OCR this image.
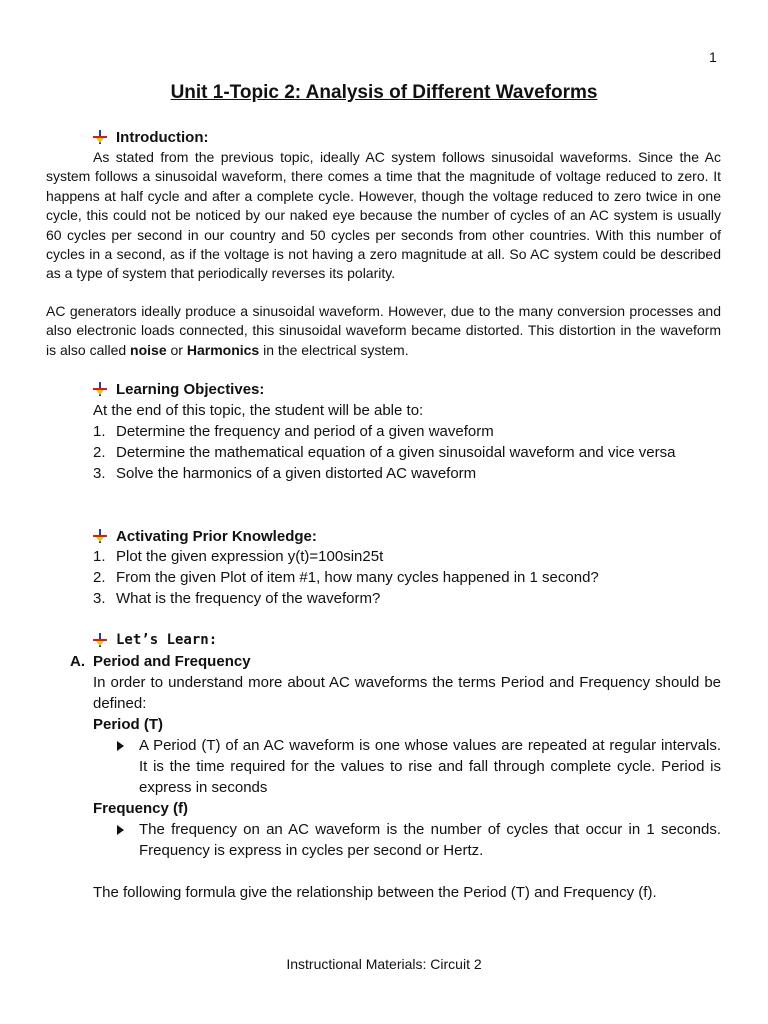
1
Unit 1-Topic 2: Analysis of Different Waveforms
Introduction:
As stated from the previous topic, ideally AC system follows sinusoidal waveforms. Since the Ac system follows a sinusoidal waveform, there comes a time that the magnitude of voltage reduced to zero. It happens at half cycle and after a complete cycle. However, though the voltage reduced to zero twice in one cycle, this could not be noticed by our naked eye because the number of cycles of an AC system is usually 60 cycles per second in our country and 50 cycles per seconds from other countries. With this number of cycles in a second, as if the voltage is not having a zero magnitude at all. So AC system could be described as a type of system that periodically reverses its polarity.
AC generators ideally produce a sinusoidal waveform. However, due to the many conversion processes and also electronic loads connected, this sinusoidal waveform became distorted. This distortion in the waveform is also called noise or Harmonics in the electrical system.
Learning Objectives:
At the end of this topic, the student will be able to:
1. Determine the frequency and period of a given waveform
2. Determine the mathematical equation of a given sinusoidal waveform and vice versa
3. Solve the harmonics of a given distorted AC waveform
Activating Prior Knowledge:
1. Plot the given expression y(t)=100sin25t
2. From the given Plot of item #1, how many cycles happened in 1 second?
3. What is the frequency of the waveform?
Let’s Learn:
A. Period and Frequency
In order to understand more about AC waveforms the terms Period and Frequency should be defined:
Period (T)
A Period (T) of an AC waveform is one whose values are repeated at regular intervals. It is the time required for the values to rise and fall through complete cycle. Period is express in seconds
Frequency (f)
The frequency on an AC waveform is the number of cycles that occur in 1 seconds. Frequency is express in cycles per second or Hertz.
The following formula give the relationship between the Period (T) and Frequency (f).
Instructional Materials: Circuit 2
